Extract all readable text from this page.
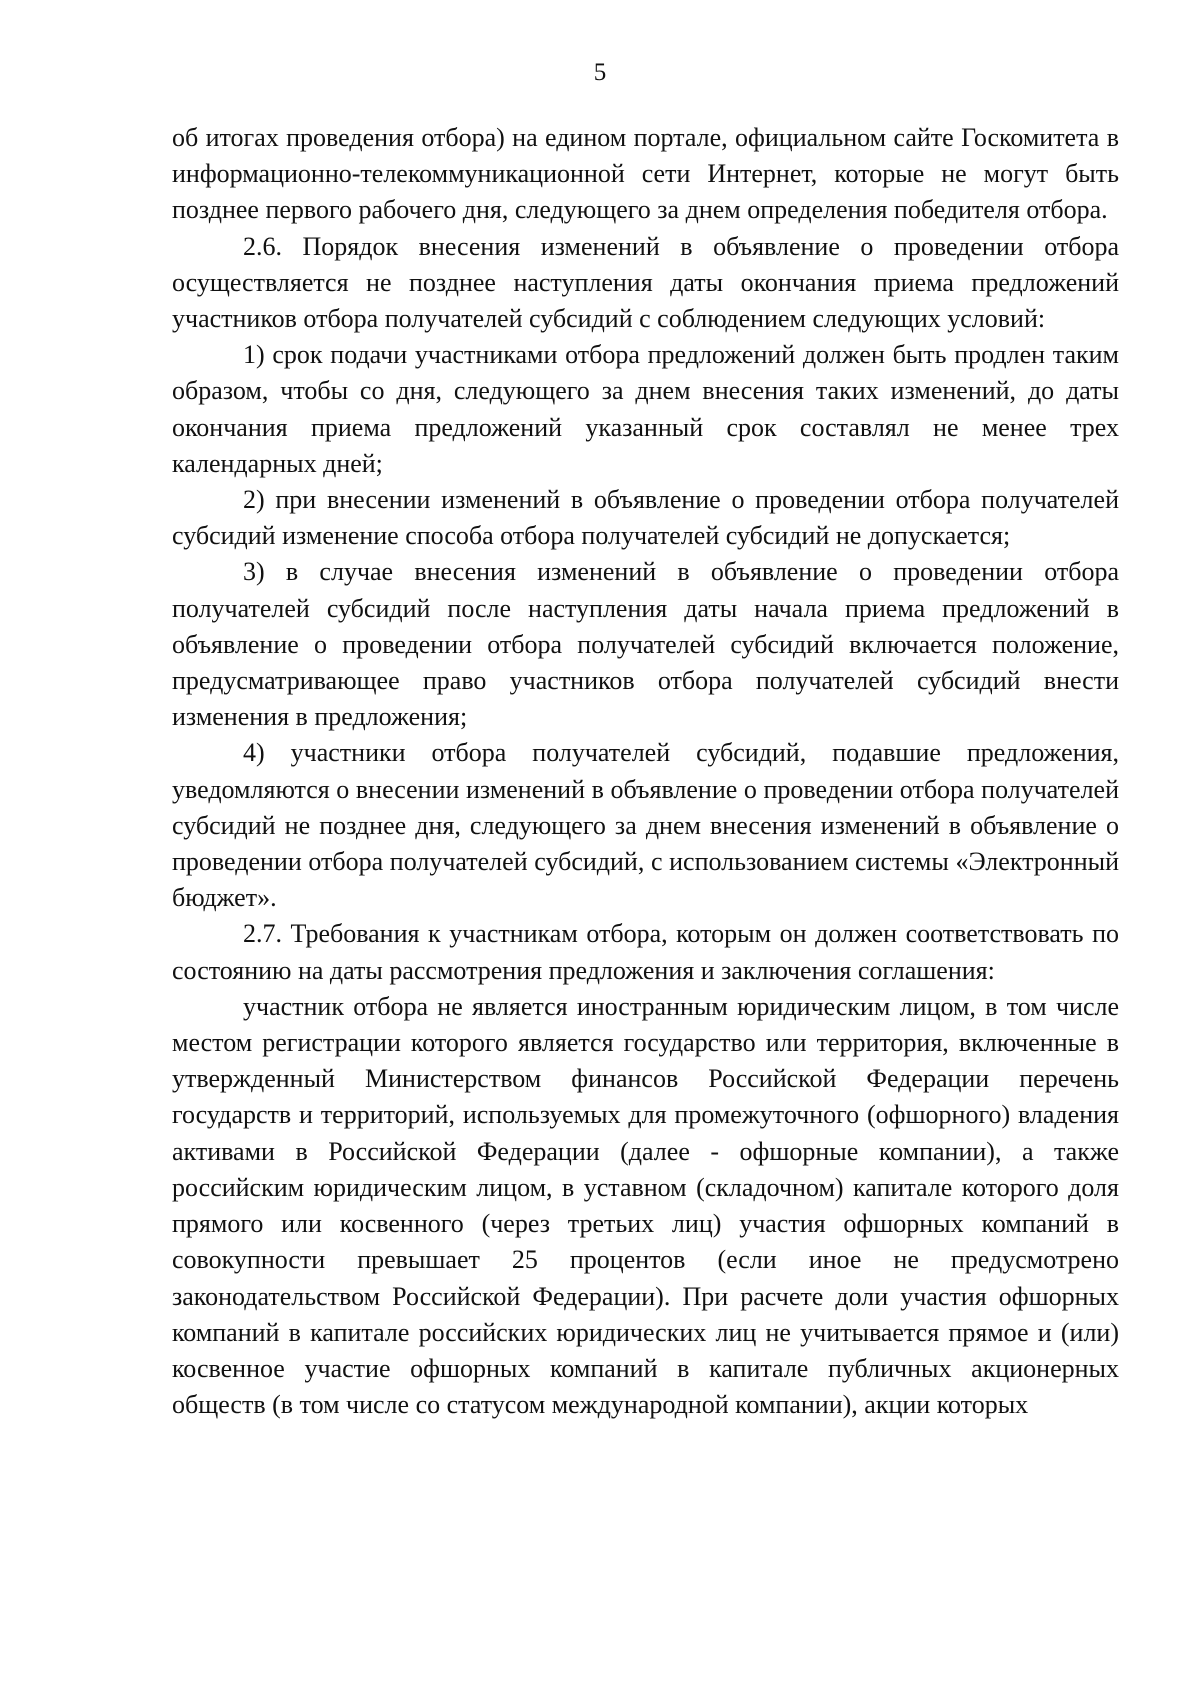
5

об итогах проведения отбора) на едином портале, официальном сайте Госкомитета в информационно-телекоммуникационной сети Интернет, которые не могут быть позднее первого рабочего дня, следующего за днем определения победителя отбора.

2.6. Порядок внесения изменений в объявление о проведении отбора осуществляется не позднее наступления даты окончания приема предложений участников отбора получателей субсидий с соблюдением следующих условий:

1) срок подачи участниками отбора предложений должен быть продлен таким образом, чтобы со дня, следующего за днем внесения таких изменений, до даты окончания приема предложений указанный срок составлял не менее трех календарных дней;

2) при внесении изменений в объявление о проведении отбора получателей субсидий изменение способа отбора получателей субсидий не допускается;

3) в случае внесения изменений в объявление о проведении отбора получателей субсидий после наступления даты начала приема предложений в объявление о проведении отбора получателей субсидий включается положение, предусматривающее право участников отбора получателей субсидий внести изменения в предложения;

4) участники отбора получателей субсидий, подавшие предложения, уведомляются о внесении изменений в объявление о проведении отбора получателей субсидий не позднее дня, следующего за днем внесения изменений в объявление о проведении отбора получателей субсидий, с использованием системы «Электронный бюджет».

2.7. Требования к участникам отбора, которым он должен соответствовать по состоянию на даты рассмотрения предложения и заключения соглашения:

участник отбора не является иностранным юридическим лицом, в том числе местом регистрации которого является государство или территория, включенные в утвержденный Министерством финансов Российской Федерации перечень государств и территорий, используемых для промежуточного (офшорного) владения активами в Российской Федерации (далее - офшорные компании), а также российским юридическим лицом, в уставном (складочном) капитале которого доля прямого или косвенного (через третьих лиц) участия офшорных компаний в совокупности превышает 25 процентов (если иное не предусмотрено законодательством Российской Федерации). При расчете доли участия офшорных компаний в капитале российских юридических лиц не учитывается прямое и (или) косвенное участие офшорных компаний в капитале публичных акционерных обществ (в том числе со статусом международной компании), акции которых
